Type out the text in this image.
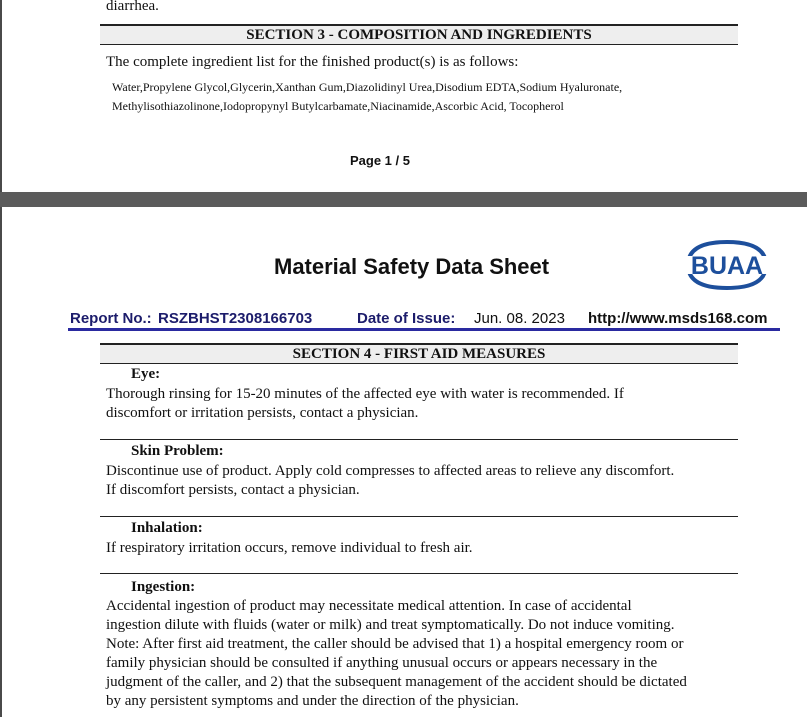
diarrhea.
SECTION 3 - COMPOSITION AND INGREDIENTS
The complete ingredient list for the finished product(s) is as follows:
Water,Propylene Glycol,Glycerin,Xanthan Gum,Diazolidinyl Urea,Disodium EDTA,Sodium Hyaluronate,
Methylisothiazolinone,Iodopropynyl Butylcarbamate,Niacinamide,Ascorbic Acid, Tocopherol
Page 1 / 5
Material Safety Data Sheet	BUAA
Report No.: RSZBHST2308166703	Date of Issue: Jun. 08. 2023 http://www.msds168.com
SECTION 4 - FIRST AID MEASURES
Eye:
Thorough rinsing for 15-20 minutes of the affected eye with water is recommended. If
discomfort or irritation persists, contact a physician.
Skin Problem:
Discontinue use of product. Apply cold compresses to affected areas to relieve any discomfort.
If discomfort persists, contact a physician.
Inhalation:
If respiratory irritation occurs, remove individual to fresh air.
Ingestion:
Accidental ingestion of product may necessitate medical attention. In case of accidental
ingestion dilute with fluids (water or milk) and treat symptomatically. Do not induce vomiting.
Note: After first aid treatment, the caller should be advised that 1) a hospital emergency room or
family physician should be consulted if anything unusual occurs or appears necessary in the
judgment of the caller, and 2) that the subsequent management of the accident should be dictated
by any persistent symptoms and under the direction of the physician.
